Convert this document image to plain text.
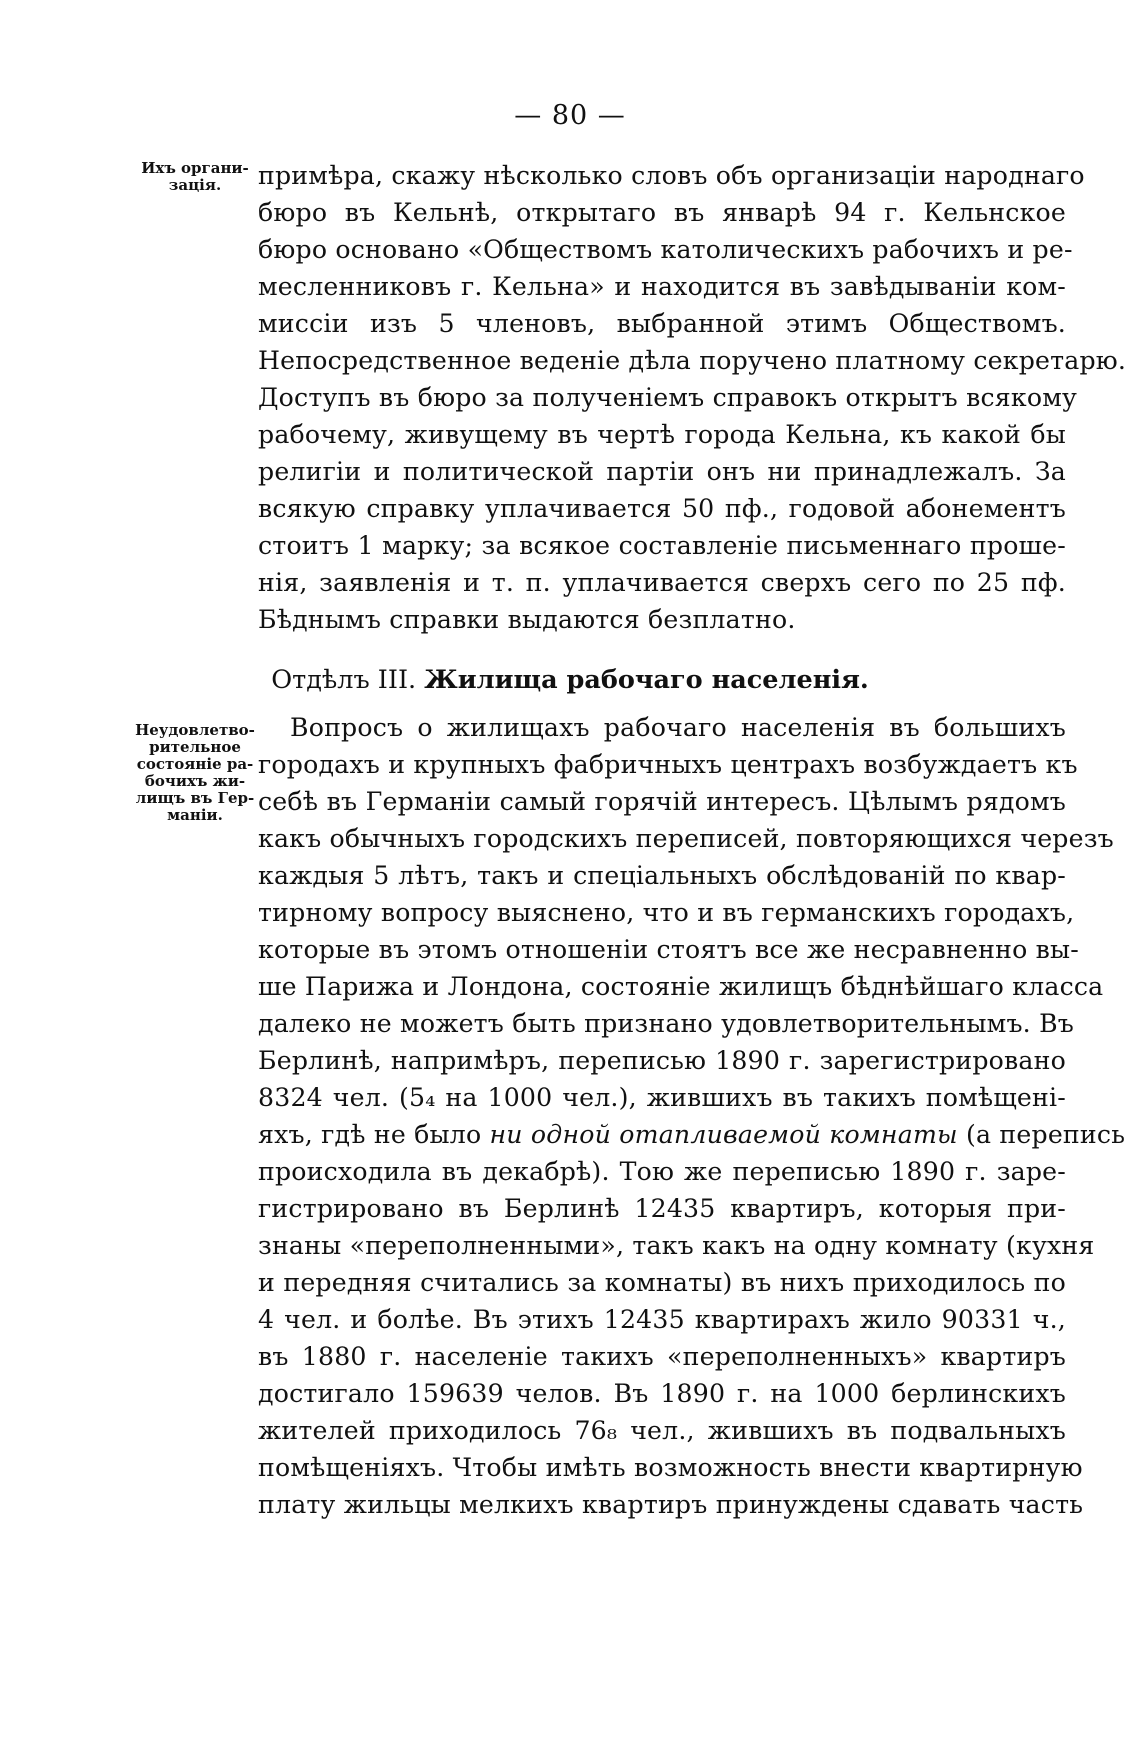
— 80 —
Ихъ органи-зація.	примѣра, скажу нѣсколько словъ объ организаціи народнаго
бюро въ Кельнѣ, открытаго въ январѣ 94 г. Кельнское
бюро основано «Обществомъ католическихъ рабочихъ и ре-
месленниковъ г. Кельна» и находится въ завѣдываніи ком-
миссіи изъ 5 членовъ, выбранной этимъ Обществомъ.
Непосредственное веденіе дѣла поручено платному секретарю.
Доступъ въ бюро за полученіемъ справокъ открытъ всякому
рабочему, живущему въ чертѣ города Кельна, къ какой бы
религіи и политической партіи онъ ни принадлежалъ. За
всякую справку уплачивается 50 пф., годовой абонементъ
стоитъ 1 марку; за всякое составленіе письменнаго проше-
нія, заявленія и т. п. уплачивается сверхъ сего по 25 пф.
Бѣднымъ справки выдаются безплатно.
Отдѣлъ III. Жилища рабочаго населенія.
Неудовлетво-рительное состояніе ра-бочихъ жи-лищъ въ Гер-маніи.
Вопросъ о жилищахъ рабочаго населенія въ большихъ
городахъ и крупныхъ фабричныхъ центрахъ возбуждаетъ къ
себѣ въ Германіи самый горячій интересъ. Цѣлымъ рядомъ
какъ обычныхъ городскихъ переписей, повторяющихся черезъ
каждыя 5 лѣтъ, такъ и спеціальныхъ обслѣдованій по квар-
тирному вопросу выяснено, что и въ германскихъ городахъ,
которые въ этомъ отношеніи стоятъ все же несравненно вы-
ше Парижа и Лондона, состояніе жилищъ бѣднѣйшаго класса
далеко не можетъ быть признано удовлетворительнымъ. Въ
Берлинѣ, напримѣръ, переписью 1890 г. зарегистрировано
8324 чел. (5₄ на 1000 чел.), жившихъ въ такихъ помѣщені-
яхъ, гдѣ не было ни одной отапливаемой комнаты (а перепись
происходила въ декабрѣ). Тою же переписью 1890 г. заре-
гистрировано въ Берлинѣ 12435 квартиръ, которыя при-
знаны «переполненными», такъ какъ на одну комнату (кухня
и передняя считались за комнаты) въ нихъ приходилось по
4 чел. и болѣе. Въ этихъ 12435 квартирахъ жило 90331 ч.,
въ 1880 г. населеніе такихъ «переполненныхъ» квартиръ
достигало 159639 челов. Въ 1890 г. на 1000 берлинскихъ
жителей приходилось 76₈ чел., жившихъ въ подвальныхъ
помѣщеніяхъ. Чтобы имѣть возможность внести квартирную
плату жильцы мелкихъ квартиръ принуждены сдавать часть
